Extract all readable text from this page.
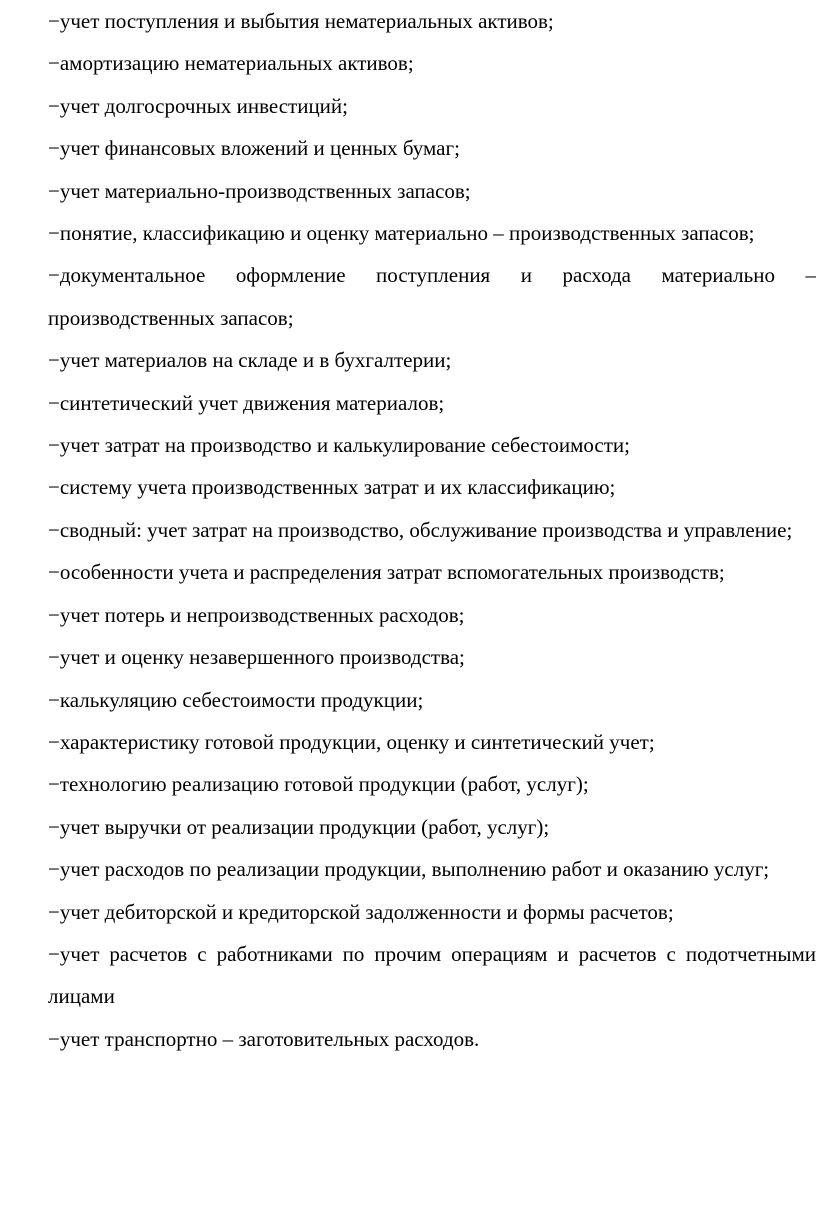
−учет поступления и выбытия нематериальных активов;

−амортизацию нематериальных активов;

−учет долгосрочных инвестиций;

−учет финансовых вложений и ценных бумаг;

−учет материально-производственных запасов;

−понятие, классификацию и оценку материально – производственных запасов;

−документальное оформление поступления и расхода материально – производственных запасов;

−учет материалов на складе и в бухгалтерии;

−синтетический учет движения материалов;

−учет затрат на производство и калькулирование себестоимости;

−систему учета производственных затрат и их классификацию;

−сводный: учет затрат на производство, обслуживание производства и управление;

−особенности учета и распределения затрат вспомогательных производств;

−учет потерь и непроизводственных расходов;

−учет и оценку незавершенного производства;

−калькуляцию себестоимости продукции;

−характеристику готовой продукции, оценку и синтетический учет;

−технологию реализацию готовой продукции (работ, услуг);

−учет выручки от реализации продукции (работ, услуг);

−учет расходов по реализации продукции, выполнению работ и оказанию услуг;

−учет дебиторской и кредиторской задолженности и формы расчетов;

−учет расчетов с работниками по прочим операциям и расчетов с подотчетными лицами

−учет транспортно – заготовительных расходов.
